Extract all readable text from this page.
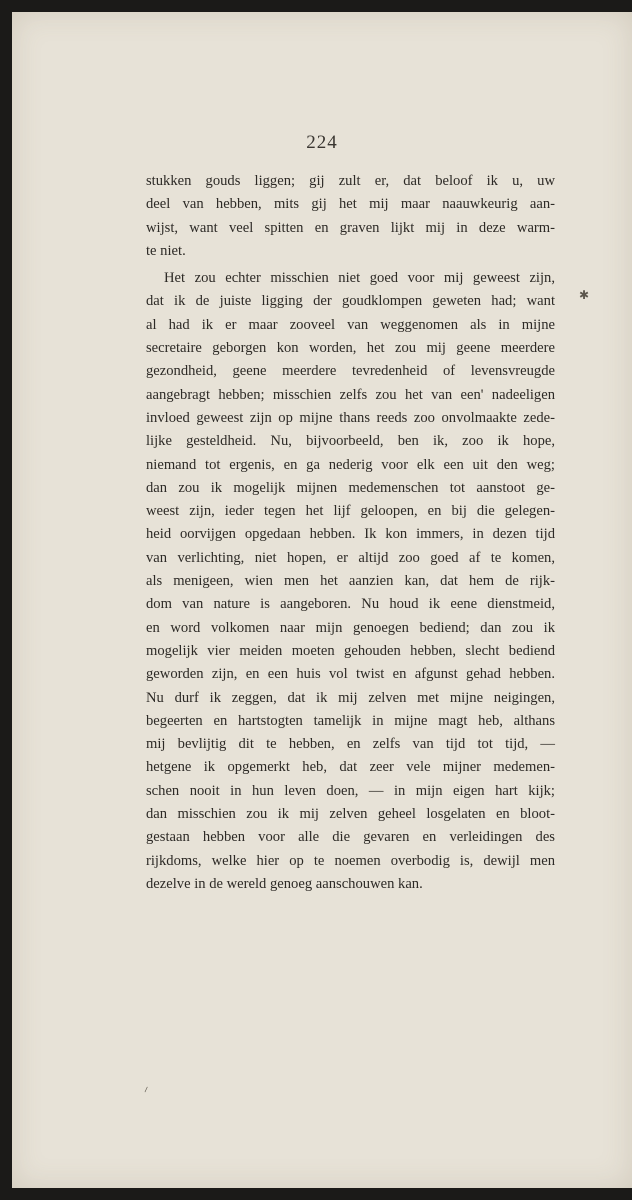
224
stukken gouds liggen; gij zult er, dat beloof ik u, uw
deel van hebben, mits gij het mij maar naauwkeurig aan-
wijst, want veel spitten en graven lijkt mij in deze warm-
te niet.
Het zou echter misschien niet goed voor mij geweest zijn,
dat ik de juiste ligging der goudklompen geweten had; want
al had ik er maar zooveel van weggenomen als in mijne
secretaire geborgen kon worden, het zou mij geene meerdere
gezondheid, geene meerdere tevredenheid of levensvreugde
aangebragt hebben; misschien zelfs zou het van een' nadeeligen
invloed geweest zijn op mijne thans reeds zoo onvolmaakte zede-
lijke gesteldheid. Nu, bijvoorbeeld, ben ik, zoo ik hope,
niemand tot ergenis, en ga nederig voor elk een uit den weg;
dan zou ik mogelijk mijnen medemenschen tot aanstoot ge-
weest zijn, ieder tegen het lijf geloopen, en bij die gelegen-
heid oorvijgen opgedaan hebben. Ik kon immers, in dezen tijd
van verlichting, niet hopen, er altijd zoo goed af te komen,
als menigeen, wien men het aanzien kan, dat hem de rijk-
dom van nature is aangeboren. Nu houd ik eene dienstmeid,
en word volkomen naar mijn genoegen bediend; dan zou ik
mogelijk vier meiden moeten gehouden hebben, slecht bediend
geworden zijn, en een huis vol twist en afgunst gehad hebben.
Nu durf ik zeggen, dat ik mij zelven met mijne neigingen,
begeerten en hartstogten tamelijk in mijne magt heb, althans
mij bevlijtig dit te hebben, en zelfs van tijd tot tijd, —
hetgene ik opgemerkt heb, dat zeer vele mijner medemen-
schen nooit in hun leven doen, — in mijn eigen hart kijk;
dan misschien zou ik mij zelven geheel losgelaten en bloot-
gestaan hebben voor alle die gevaren en verleidingen des
rijkdoms, welke hier op te noemen overbodig is, dewijl men
dezelve in de wereld genoeg aanschouwen kan.
✱
⸝
